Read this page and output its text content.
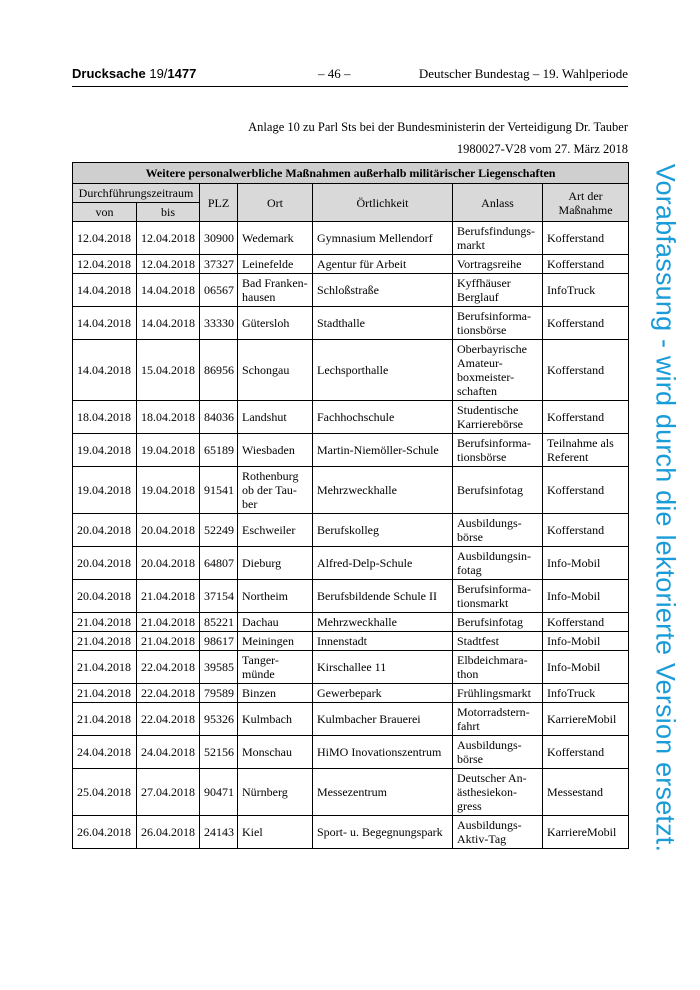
Drucksache 19/1477	– 46 –	Deutscher Bundestag – 19. Wahlperiode
Anlage 10 zu Parl Sts bei der Bundesministerin der Verteidigung Dr. Tauber
1980027-V28 vom 27. März 2018
Weitere personalwerbliche Maßnahmen außerhalb militärischer Liegenschaften						
Durchführungszeitraum		PLZ	Ort	Örtlichkeit	Anlass	Art der Maßnahme
von	bis					
12.04.2018	12.04.2018	30900	Wedemark	Gymnasium Mellendorf	Berufsfindungs-markt	Kofferstand
12.04.2018	12.04.2018	37327	Leinefelde	Agentur für Arbeit	Vortragsreihe	Kofferstand
14.04.2018	14.04.2018	06567	Bad Franken-hausen	Schloßstraße	Kyffhäuser Berglauf	InfoTruck
14.04.2018	14.04.2018	33330	Gütersloh	Stadthalle	Berufsinforma-tionsbörse	Kofferstand
14.04.2018	15.04.2018	86956	Schongau	Lechsporthalle	Oberbayrische Amateur-boxmeister-schaften	Kofferstand
18.04.2018	18.04.2018	84036	Landshut	Fachhochschule	Studentische Karrierebörse	Kofferstand
19.04.2018	19.04.2018	65189	Wiesbaden	Martin-Niemöller-Schule	Berufsinforma-tionsbörse	Teilnahme als Referent
19.04.2018	19.04.2018	91541	Rothenburg ob der Tau-ber	Mehrzweckhalle	Berufsinfotag	Kofferstand
20.04.2018	20.04.2018	52249	Eschweiler	Berufskolleg	Ausbildungs-börse	Kofferstand
20.04.2018	20.04.2018	64807	Dieburg	Alfred-Delp-Schule	Ausbildungsin-fotag	Info-Mobil
20.04.2018	21.04.2018	37154	Northeim	Berufsbildende Schule II	Berufsinforma-tionsmarkt	Info-Mobil
21.04.2018	21.04.2018	85221	Dachau	Mehrzweckhalle	Berufsinfotag	Kofferstand
21.04.2018	21.04.2018	98617	Meiningen	Innenstadt	Stadtfest	Info-Mobil
21.04.2018	22.04.2018	39585	Tanger-münde	Kirschallee 11	Elbdeichmara-thon	Info-Mobil
21.04.2018	22.04.2018	79589	Binzen	Gewerbepark	Frühlingsmarkt	InfoTruck
21.04.2018	22.04.2018	95326	Kulmbach	Kulmbacher Brauerei	Motorradstern-fahrt	KarriereMobil
24.04.2018	24.04.2018	52156	Monschau	HiMO Inovationszentrum	Ausbildungs-börse	Kofferstand
25.04.2018	27.04.2018	90471	Nürnberg	Messezentrum	Deutscher An-ästhesiekon-gress	Messestand
26.04.2018	26.04.2018	24143	Kiel	Sport- u. Begegnungspark	Ausbildungs-Aktiv-Tag	KarriereMobil Vorabfassung - wird durch die lektorierte Version ersetzt.
